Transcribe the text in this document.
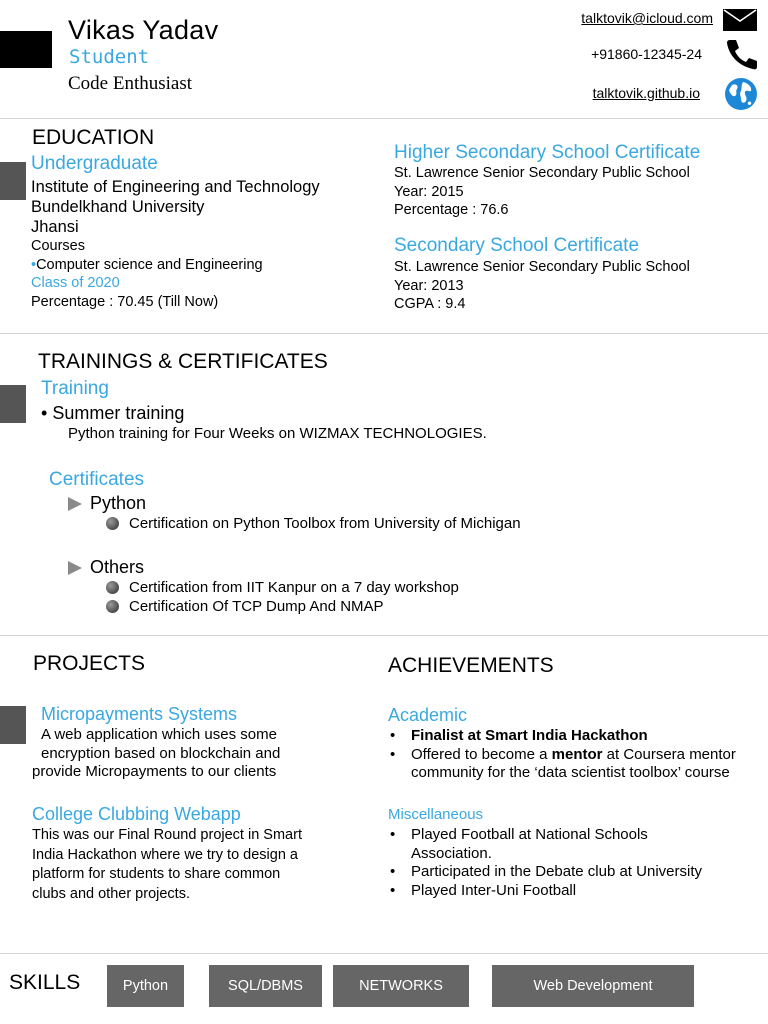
Vikas Yadav
Student
Code Enthusiast
talktovik@icloud.com
+91860-12345-24
talktovik.github.io
EDUCATION
Undergraduate
Institute of Engineering and Technology
Bundelkhand University
Jhansi
Courses
•Computer science and Engineering
Class of 2020
Percentage : 70.45 (Till Now)
Higher Secondary School Certificate
St. Lawrence Senior Secondary Public School
Year: 2015
Percentage : 76.6
Secondary School Certificate
St. Lawrence Senior Secondary Public School
Year: 2013
CGPA : 9.4
TRAININGS & CERTIFICATES
Training
• Summer training
Python training for Four Weeks on WIZMAX TECHNOLOGIES.
Certificates
Python
Certification on Python Toolbox from University of Michigan
Others
Certification from IIT Kanpur on a 7 day workshop
Certification Of TCP Dump And NMAP
PROJECTS
Micropayments Systems
A web application which uses some
encryption based on blockchain and
provide Micropayments to our clients
College Clubbing Webapp
This was our Final Round project in Smart
India Hackathon where we try to design a
platform for students to share common
clubs and other projects.
ACHIEVEMENTS
Academic
• Finalist at Smart India Hackathon
• Offered to become a mentor at Coursera mentor community for the ‘data scientist toolbox’ course
Miscellaneous
• Played Football at National Schools Association.
• Participated in the Debate club at University
• Played Inter-Uni Football
SKILLS	Python	SQL/DBMS	NETWORKS	Web Development
